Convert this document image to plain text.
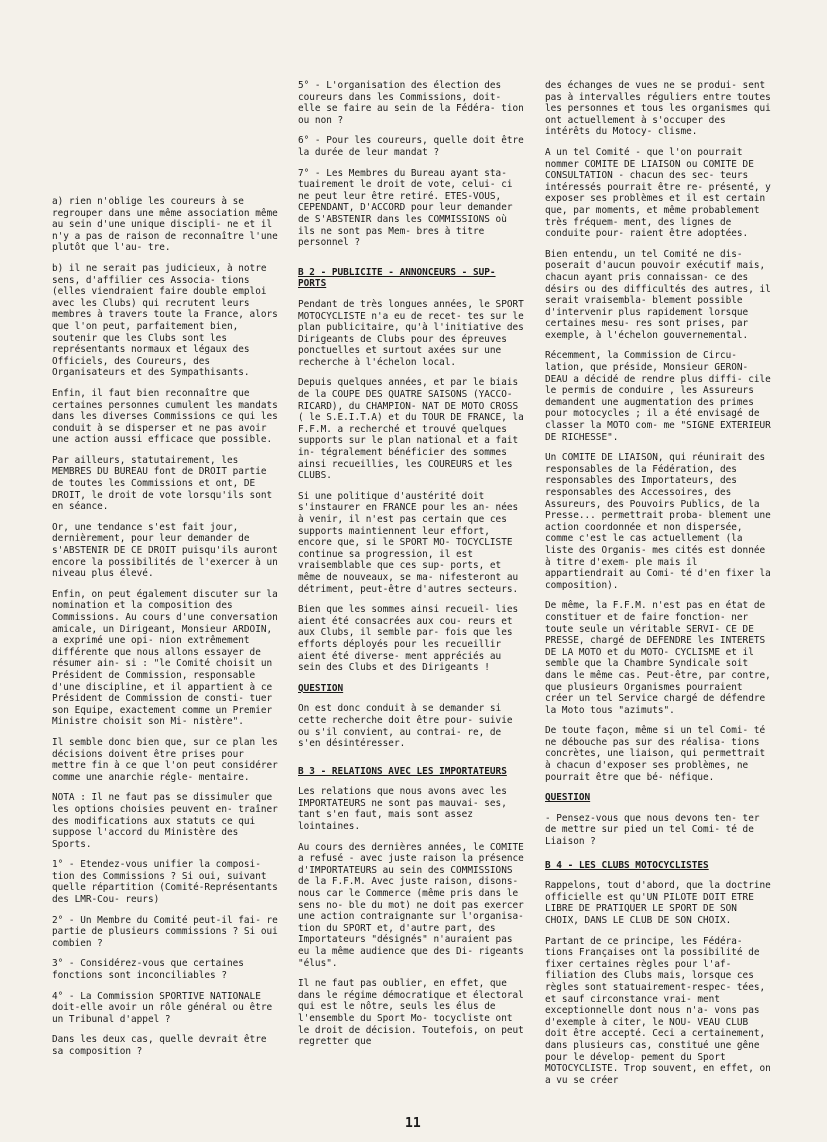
a) rien n'oblige les coureurs à se regrouper dans une même association même au sein d'une unique discipli- ne et il n'y a pas de raison de reconnaître l'une plutôt que l'au- tre.

b) il ne serait pas judicieux, à notre sens, d'affilier ces Associa- tions (elles viendraient faire double emploi avec les Clubs) qui recrutent leurs membres à travers toute la France, alors que l'on peut, parfaitement bien, soutenir que les Clubs sont les représentants normaux et légaux des Officiels, des Coureurs, des Organisateurs et des Sympathisants.

Enfin, il faut bien reconnaître que certaines personnes cumulent les mandats dans les diverses Commissions ce qui les conduit à se disperser et ne pas avoir une action aussi efficace que possible.

Par ailleurs, statutairement, les MEMBRES DU BUREAU font de DROIT partie de toutes les Commissions et ont, DE DROIT, le droit de vote lorsqu'ils sont en séance.

Or, une tendance s'est fait jour, dernièrement, pour leur demander de s'ABSTENIR DE CE DROIT puisqu'ils auront encore la possibilités de l'exercer à un niveau plus élevé.

Enfin, on peut également discuter sur la nomination et la composition des Commissions. Au cours d'une conversation amicale, un Dirigeant, Monsieur ARDOIN, a exprimé une opi- nion extrêmement différente que nous allons essayer de résumer ain- si : "le Comité choisit un Président de Commission, responsable d'une discipline, et il appartient à ce Président de Commission de consti- tuer son Equipe, exactement comme un Premier Ministre choisit son Mi- nistère".

Il semble donc bien que, sur ce plan les décisions doivent être prises pour mettre fin à ce que l'on peut considérer comme une anarchie régle- mentaire.

NOTA : Il ne faut pas se dissimuler que les options choisies peuvent en- traîner des modifications aux statuts ce qui suppose l'accord du Ministère des Sports.

1° - Etendez-vous unifier la composi- tion des Commissions ? Si oui, suivant quelle répartition (Comité-Représentants des LMR-Cou- reurs)

2° - Un Membre du Comité peut-il fai- re partie de plusieurs commissions ? Si oui combien ?

3° - Considérez-vous que certaines fonctions sont inconciliables ?

4° - La Commission SPORTIVE NATIONALE doit-elle avoir un rôle général ou être un Tribunal d'appel ?

Dans les deux cas, quelle devrait être sa composition ?

5° - L'organisation des élection des coureurs dans les Commissions, doit- elle se faire au sein de la Fédéra- tion ou non ?

6° - Pour les coureurs, quelle doit être la durée de leur mandat ?

7° - Les Membres du Bureau ayant sta- tuairement le droit de vote, celui- ci ne peut leur être retiré. ETES-VOUS, CEPENDANT, D'ACCORD pour leur demander de S'ABSTENIR dans les COMMISSIONS où ils ne sont pas Mem- bres à titre personnel ?

B 2 - PUBLICITE - ANNONCEURS - SUP- PORTS

Pendant de très longues années, le SPORT MOTOCYCLISTE n'a eu de recet- tes sur le plan publicitaire, qu'à l'initiative des Dirigeants de Clubs pour des épreuves ponctuelles et surtout axées sur une recherche à l'échelon local.

Depuis quelques années, et par le biais de la COUPE DES QUATRE SAISONS (YACCO-RICARD), du CHAMPION- NAT DE MOTO CROSS ( le S.E.I.T.A) et du TOUR DE FRANCE, la F.F.M. a recherché et trouvé quelques supports sur le plan national et a fait in- tégralement bénéficier des sommes ainsi recueillies, les COUREURS et les CLUBS.

Si une politique d'austérité doit s'instaurer en FRANCE pour les an- nées à venir, il n'est pas certain que ces supports maintiennent leur effort, encore que, si le SPORT MO- TOCYCLISTE continue sa progression, il est vraisemblable que ces sup- ports, et même de nouveaux, se ma- nifesteront au détriment, peut-être d'autres secteurs.

Bien que les sommes ainsi recueil- lies aient été consacrées aux cou- reurs et aux Clubs, il semble par- fois que les efforts déployés pour les recueillir aient été diverse- ment appréciés au sein des Clubs et des Dirigeants !

QUESTION

On est donc conduit à se demander si cette recherche doit être pour- suivie ou s'il convient, au contrai- re, de s'en désintéresser.

B 3 - RELATIONS AVEC LES IMPORTATEURS

Les relations que nous avons avec les IMPORTATEURS ne sont pas mauvai- ses, tant s'en faut, mais sont assez lointaines.

Au cours des dernières années, le COMITE a refusé - avec juste raison la présence d'IMPORTATEURS au sein des COMMISSIONS de la F.F.M. Avec juste raison, disons-nous car le Commerce (même pris dans le sens no- ble du mot) ne doit pas exercer une action contraignante sur l'organisa- tion du SPORT et, d'autre part, des Importateurs "désignés" n'auraient pas eu la même audience que des Di- rigeants "élus".

Il ne faut pas oublier, en effet, que dans le régime démocratique et électoral qui est le nôtre, seuls les élus de l'ensemble du Sport Mo- tocycliste ont le droit de décision. Toutefois, on peut regretter que

des échanges de vues ne se produi- sent pas à intervalles réguliers entre toutes les personnes et tous les organismes qui ont actuellement à s'occuper des intérêts du Motocy- clisme.

A un tel Comité - que l'on pourrait nommer COMITE DE LIAISON ou COMITE DE CONSULTATION - chacun des sec- teurs intéressés pourrait être re- présenté, y exposer ses problèmes et il est certain que, par moments, et même probablement très fréquem- ment, des lignes de conduite pour- raient être adoptées.

Bien entendu, un tel Comité ne dis- poserait d'aucun pouvoir exécutif mais, chacun ayant pris connaissan- ce des désirs ou des difficultés des autres, il serait vraisembla- blement possible d'intervenir plus rapidement lorsque certaines mesu- res sont prises, par exemple, à l'échelon gouvernemental.

Récemment, la Commission de Circu- lation, que préside, Monsieur GERON- DEAU a décidé de rendre plus diffi- cile le permis de conduire , les Assureurs demandent une augmentation des primes pour motocycles ; il a été envisagé de classer la MOTO com- me "SIGNE EXTERIEUR DE RICHESSE".

Un COMITE DE LIAISON, qui réunirait des responsables de la Fédération, des responsables des Importateurs, des responsables des Accessoires, des Assureurs, des Pouvoirs Publics, de la Presse... permettrait proba- blement une action coordonnée et non dispersée, comme c'est le cas actuellement (la liste des Organis- mes cités est donnée à titre d'exem- ple mais il appartiendrait au Comi- té d'en fixer la composition).

De même, la F.F.M. n'est pas en état de constituer et de faire fonction- ner toute seule un véritable SERVI- CE DE PRESSE, chargé de DEFENDRE les INTERETS DE LA MOTO et du MOTO- CYCLISME et il semble que la Chambre Syndicale soit dans le même cas. Peut-être, par contre, que plusieurs Organismes pourraient créer un tel Service chargé de défendre la Moto tous "azimuts".

De toute façon, même si un tel Comi- té ne débouche pas sur des réalisa- tions concrètes, une liaison, qui permettrait à chacun d'exposer ses problèmes, ne pourrait être que bé- néfique.

QUESTION

- Pensez-vous que nous devons ten- ter de mettre sur pied un tel Comi- té de Liaison ?

B 4 - LES CLUBS MOTOCYCLISTES

Rappelons, tout d'abord, que la doctrine officielle est qu'UN PILOTE DOIT ETRE LIBRE DE PRATIQUER LE SPORT DE SON CHOIX, DANS LE CLUB DE SON CHOIX.

Partant de ce principe, les Fédéra- tions Françaises ont la possibilité de fixer certaines règles pour l'af- filiation des Clubs mais, lorsque ces règles sont statuairement-respec- tées, et sauf circonstance vrai- ment exceptionnelle dont nous n'a- vons pas d'exemple à citer, le NOU- VEAU CLUB doit être accepté. Ceci a certainement, dans plusieurs cas, constitué une gêne pour le dévelop- pement du Sport MOTOCYCLISTE. Trop souvent, en effet, on a vu se créer

11
